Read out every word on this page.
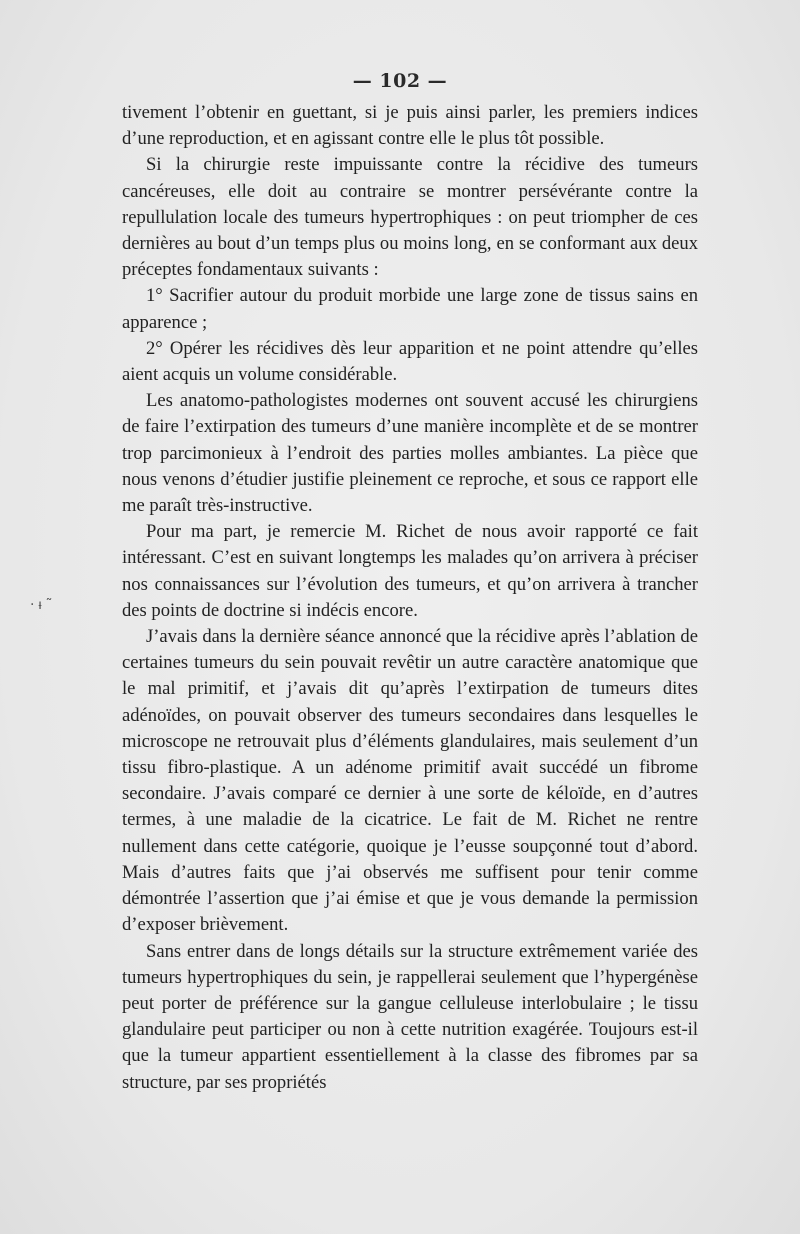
— 102 —

tivement l’obtenir en guettant, si je puis ainsi parler, les premiers indices d’une reproduction, et en agissant contre elle le plus tôt possible.

Si la chirurgie reste impuissante contre la récidive des tumeurs cancéreuses, elle doit au contraire se montrer persévérante contre la repullulation locale des tumeurs hypertrophiques : on peut triompher de ces dernières au bout d’un temps plus ou moins long, en se conformant aux deux préceptes fondamentaux suivants :

1° Sacrifier autour du produit morbide une large zone de tissus sains en apparence ;

2° Opérer les récidives dès leur apparition et ne point attendre qu’elles aient acquis un volume considérable.

Les anatomo-pathologistes modernes ont souvent accusé les chirurgiens de faire l’extirpation des tumeurs d’une manière incomplète et de se montrer trop parcimonieux à l’endroit des parties molles ambiantes. La pièce que nous venons d’étudier justifie pleinement ce reproche, et sous ce rapport elle me paraît très-instructive.

Pour ma part, je remercie M. Richet de nous avoir rapporté ce fait intéressant. C’est en suivant longtemps les malades qu’on arrivera à préciser nos connaissances sur l’évolution des tumeurs, et qu’on arrivera à trancher des points de doctrine si indécis encore.

J’avais dans la dernière séance annoncé que la récidive après l’ablation de certaines tumeurs du sein pouvait revêtir un autre caractère anatomique que le mal primitif, et j’avais dit qu’après l’extirpation de tumeurs dites adénoïdes, on pouvait observer des tumeurs secondaires dans lesquelles le microscope ne retrouvait plus d’éléments glandulaires, mais seulement d’un tissu fibro-plastique. A un adénome primitif avait succédé un fibrome secondaire. J’avais comparé ce dernier à une sorte de kéloïde, en d’autres termes, à une maladie de la cicatrice. Le fait de M. Richet ne rentre nullement dans cette catégorie, quoique je l’eusse soupçonné tout d’abord. Mais d’autres faits que j’ai observés me suffisent pour tenir comme démontrée l’assertion que j’ai émise et que je vous demande la permission d’exposer brièvement.

Sans entrer dans de longs détails sur la structure extrêmement variée des tumeurs hypertrophiques du sein, je rappellerai seulement que l’hypergénèse peut porter de préférence sur la gangue celluleuse interlobulaire ; le tissu glandulaire peut participer ou non à cette nutrition exagérée. Toujours est-il que la tumeur appartient essentiellement à la classe des fibromes par sa structure, par ses propriétés

·ᵼ˜
